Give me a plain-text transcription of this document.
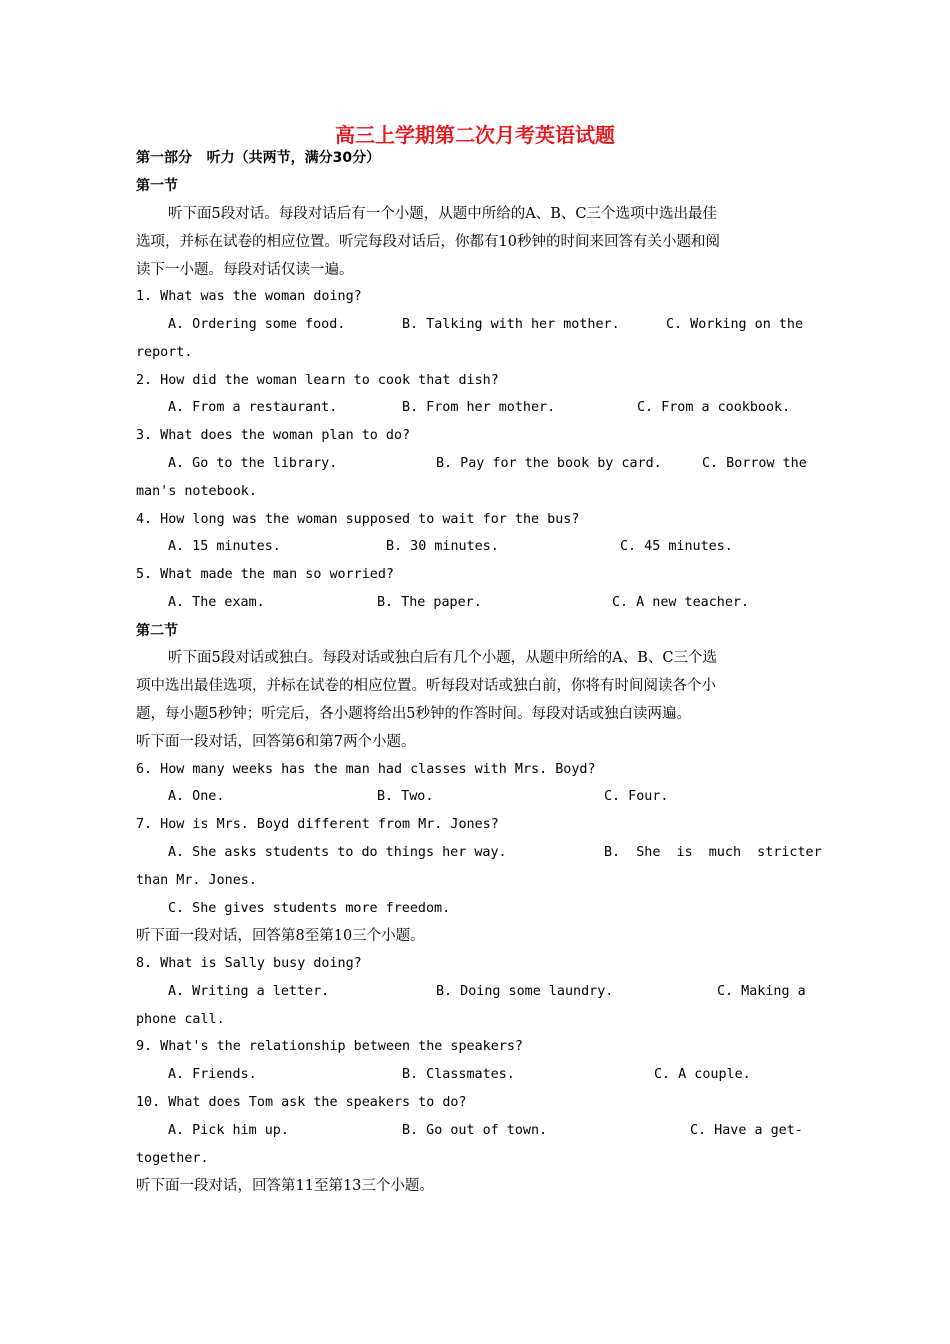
高三上学期第二次月考英语试题
第一部分   听力（共两节，满分30分）
第一节
听下面5段对话。每段对话后有一个小题，从题中所给的A、B、C三个选项中选出最佳
选项，并标在试卷的相应位置。听完每段对话后，你都有10秒钟的时间来回答有关小题和阅
读下一小题。每段对话仅读一遍。
1. What was the woman doing?
A. Ordering some food.	B. Talking with her mother.	C. Working on the
report.
2. How did the woman learn to cook that dish?
A. From a restaurant.	B. From her mother.	C. From a cookbook.
3. What does the woman plan to do?
A. Go to the library.	B. Pay for the book by card.	C. Borrow the
man's notebook.
4. How long was the woman supposed to wait for the bus?
A. 15 minutes.	B. 30 minutes.	C. 45 minutes.
5. What made the man so worried?
A. The exam.	B. The paper.	C. A new teacher.
第二节
听下面5段对话或独白。每段对话或独白后有几个小题，从题中所给的A、B、C三个选
项中选出最佳选项，并标在试卷的相应位置。听每段对话或独白前，你将有时间阅读各个小
题，每小题5秒钟；听完后，各小题将给出5秒钟的作答时间。每段对话或独白读两遍。
听下面一段对话，回答第6和第7两个小题。
6. How many weeks has the man had classes with Mrs. Boyd?
A. One.	B. Two.	C. Four.
7. How is Mrs. Boyd different from Mr. Jones?
A. She asks students to do things her way.	B.  She  is  much  stricter
than Mr. Jones.
C. She gives students more freedom.
听下面一段对话，回答第8至第10三个小题。
8. What is Sally busy doing?
A. Writing a letter.	B. Doing some laundry.	C. Making a
phone call.
9. What's the relationship between the speakers?
A. Friends.	B. Classmates.	C. A couple.
10. What does Tom ask the speakers to do?
A. Pick him up.	B. Go out of town.	C. Have a get-
together.
听下面一段对话，回答第11至第13三个小题。
